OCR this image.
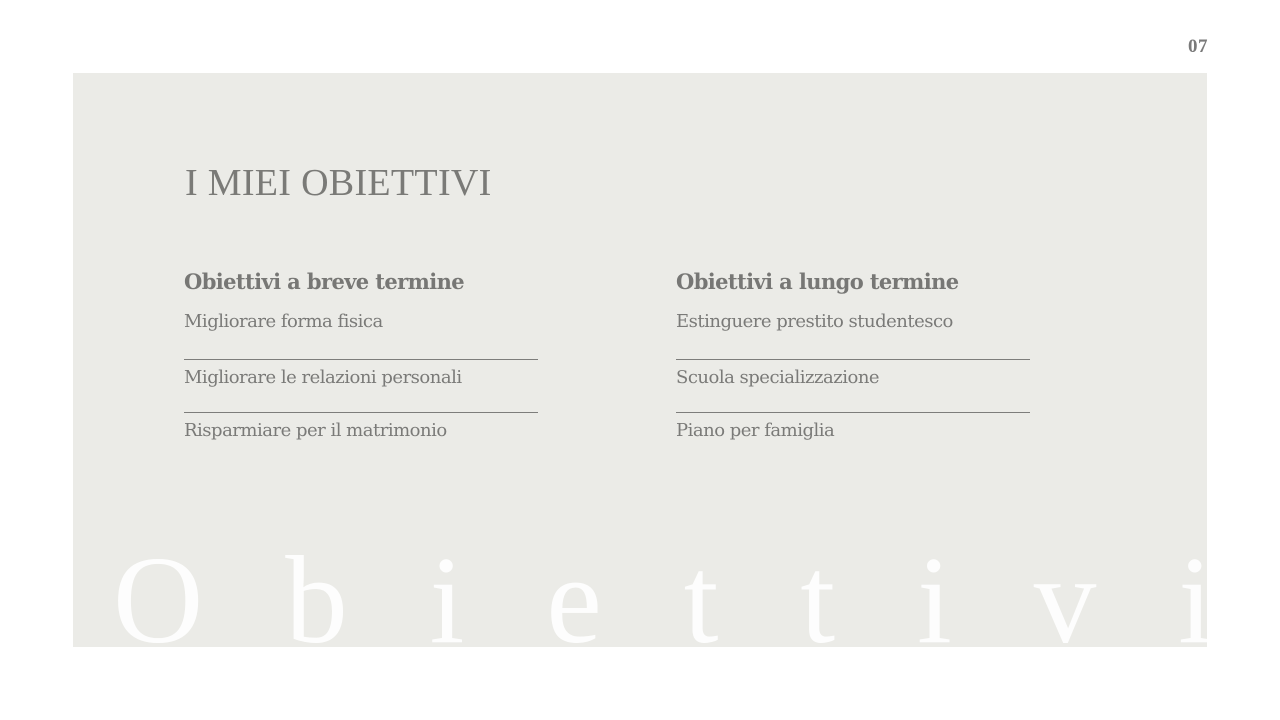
07
I MIEI OBIETTIVI
Obiettivi a breve termine
Migliorare forma fisica
Migliorare le relazioni personali
Risparmiare per il matrimonio
Obiettivi a lungo termine
Estinguere prestito studentesco
Scuola specializzazione
Piano per famiglia
O b i e t t i v i
